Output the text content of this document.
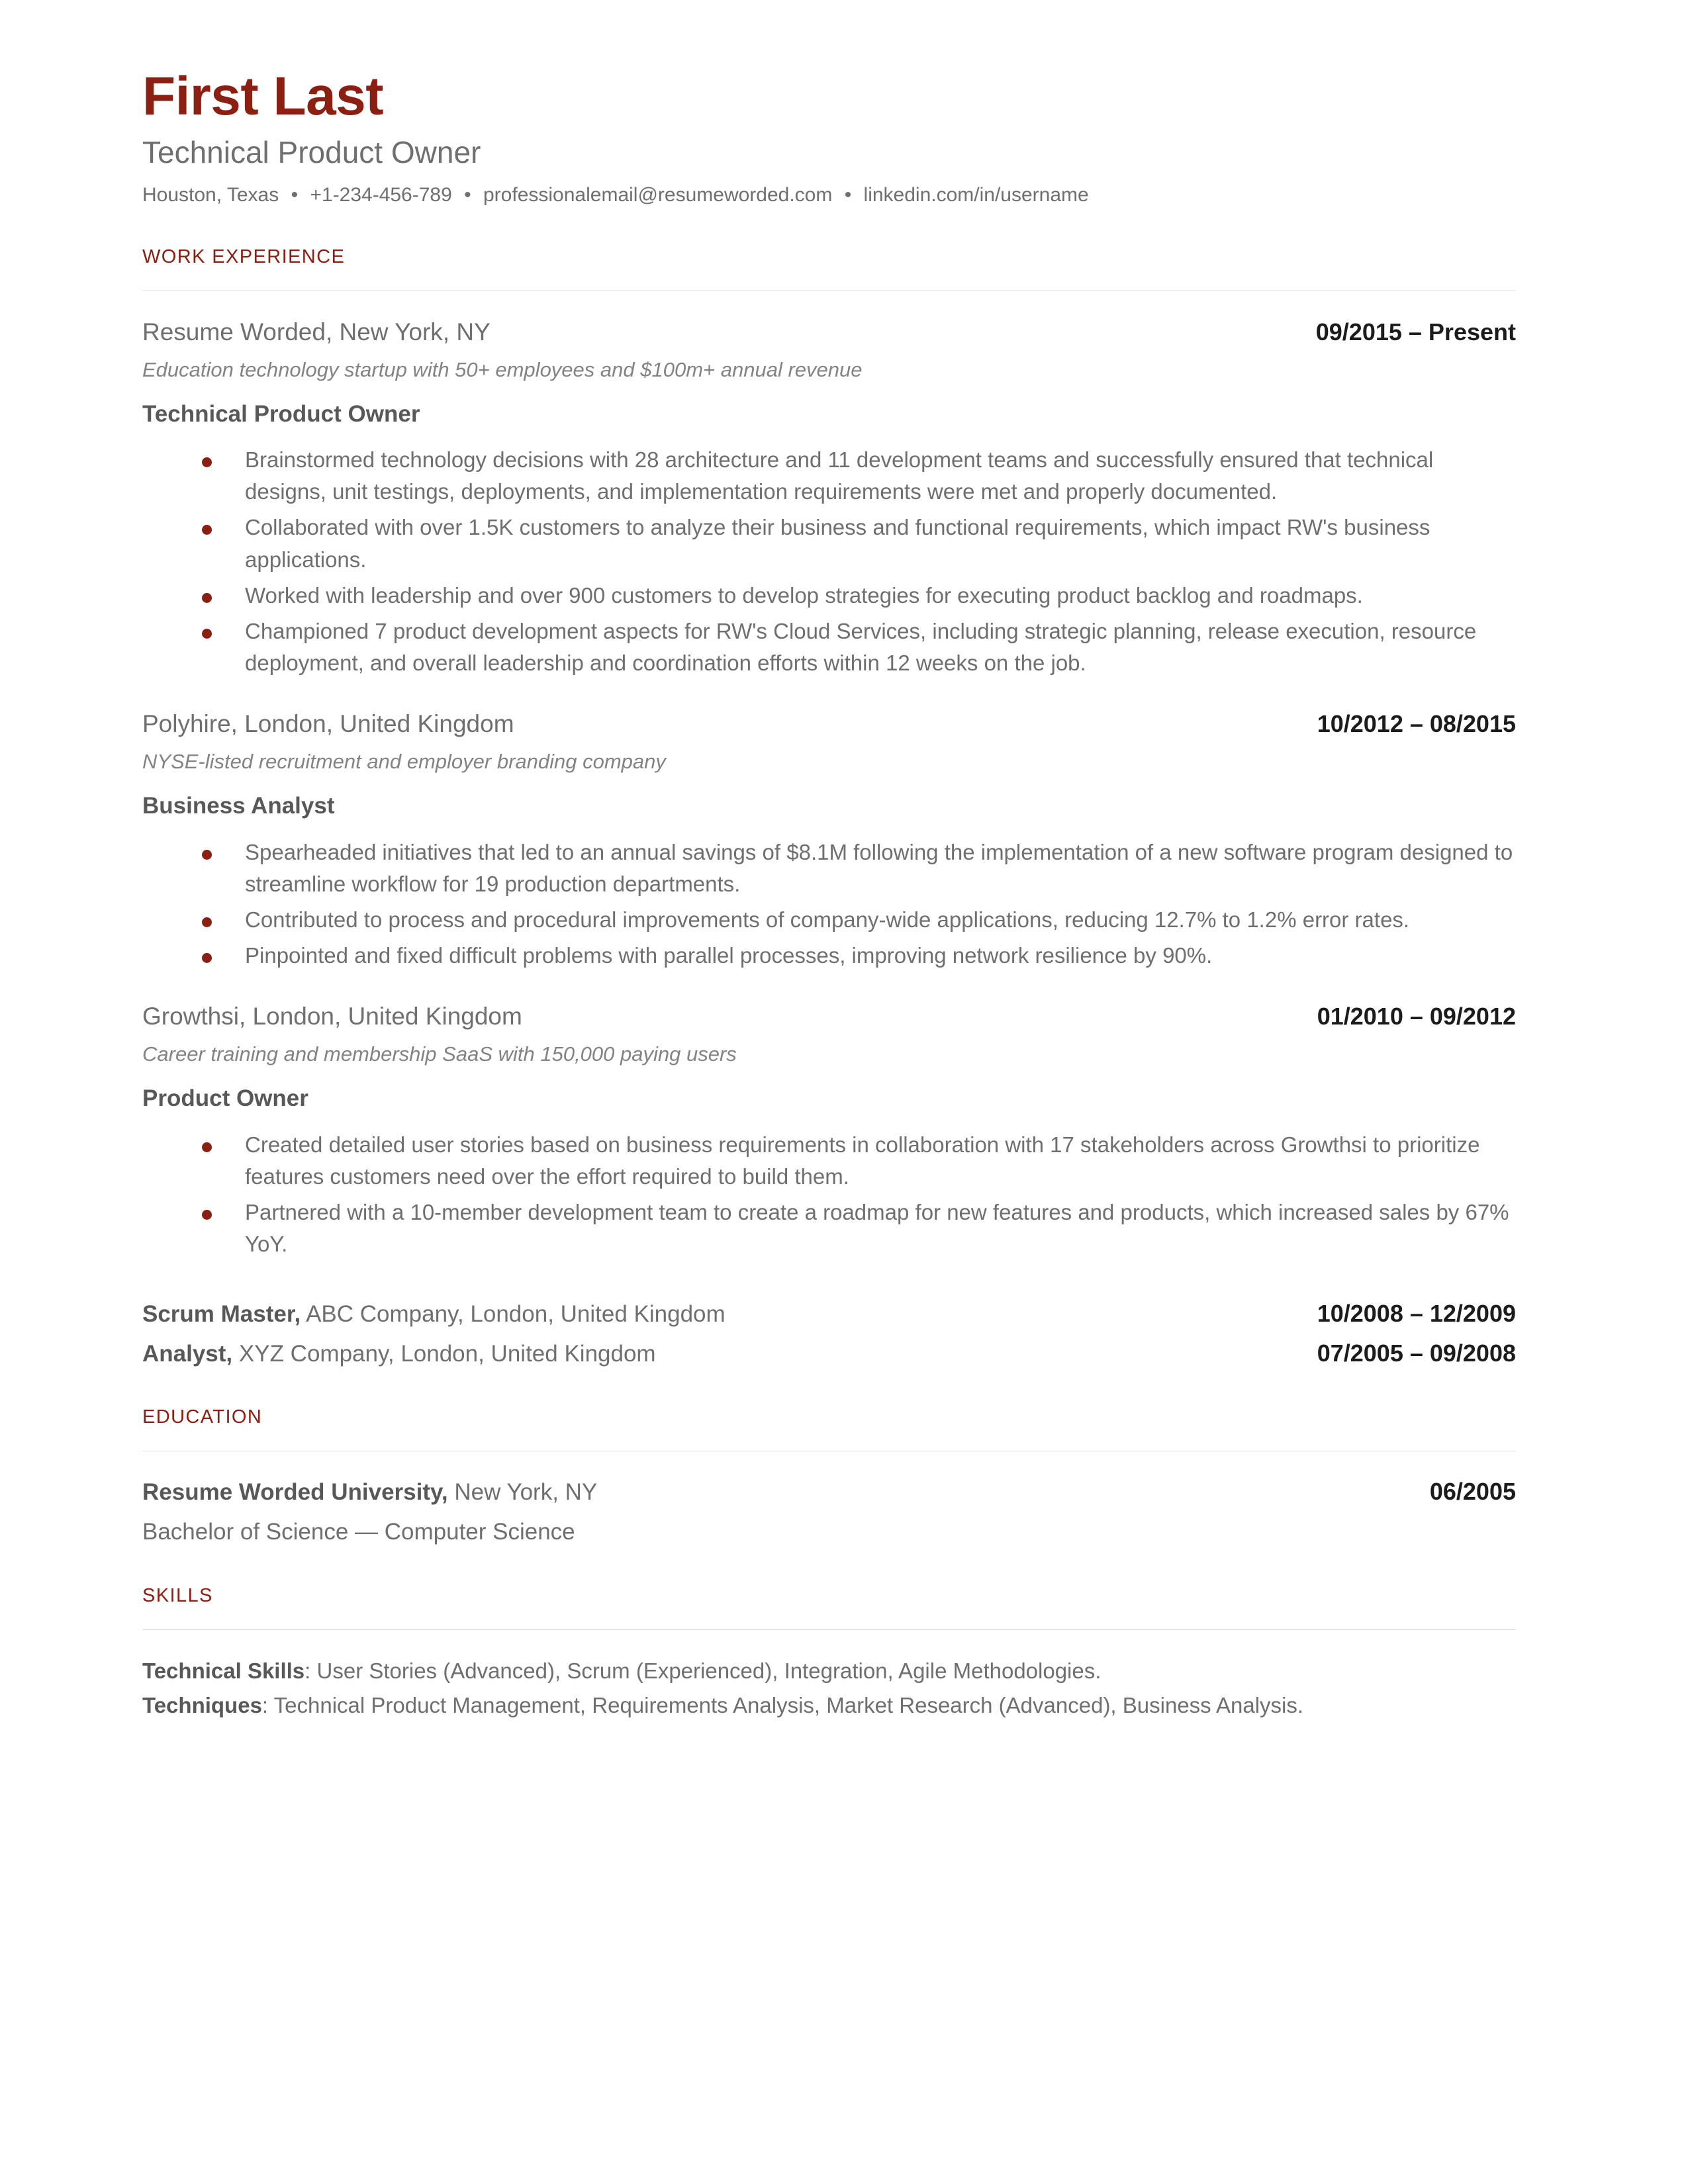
First Last
Technical Product Owner
Houston, Texas • +1-234-456-789 • professionalemail@resumeworded.com • linkedin.com/in/username
WORK EXPERIENCE
Resume Worded, New York, NY	09/2015 – Present
Education technology startup with 50+ employees and $100m+ annual revenue
Technical Product Owner
Brainstormed technology decisions with 28 architecture and 11 development teams and successfully ensured that technical designs, unit testings, deployments, and implementation requirements were met and properly documented.
Collaborated with over 1.5K customers to analyze their business and functional requirements, which impact RW's business applications.
Worked with leadership and over 900 customers to develop strategies for executing product backlog and roadmaps.
Championed 7 product development aspects for RW's Cloud Services, including strategic planning, release execution, resource deployment, and overall leadership and coordination efforts within 12 weeks on the job.
Polyhire, London, United Kingdom	10/2012 – 08/2015
NYSE-listed recruitment and employer branding company
Business Analyst
Spearheaded initiatives that led to an annual savings of $8.1M following the implementation of a new software program designed to streamline workflow for 19 production departments.
Contributed to process and procedural improvements of company-wide applications, reducing 12.7% to 1.2% error rates.
Pinpointed and fixed difficult problems with parallel processes, improving network resilience by 90%.
Growthsi, London, United Kingdom	01/2010 – 09/2012
Career training and membership SaaS with 150,000 paying users
Product Owner
Created detailed user stories based on business requirements in collaboration with 17 stakeholders across Growthsi to prioritize features customers need over the effort required to build them.
Partnered with a 10-member development team to create a roadmap for new features and products, which increased sales by 67% YoY.
Scrum Master, ABC Company, London, United Kingdom	10/2008 – 12/2009
Analyst, XYZ Company, London, United Kingdom	07/2005 – 09/2008
EDUCATION
Resume Worded University, New York, NY	06/2005
Bachelor of Science — Computer Science
SKILLS
Technical Skills: User Stories (Advanced), Scrum (Experienced), Integration, Agile Methodologies.
Techniques: Technical Product Management, Requirements Analysis, Market Research (Advanced), Business Analysis.
